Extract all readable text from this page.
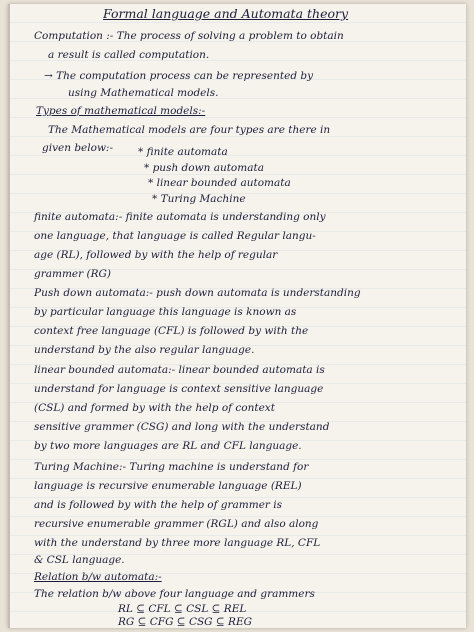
Formal language and Automata theory
Computation :- The process of solving a problem to obtain
a result is called computation.
→ The computation process can be represented by
using Mathematical models.
Types of mathematical models:-
The Mathematical models are four types are there in
given below:- * finite automata
* push down automata
* linear bounded automata
* Turing Machine
finite automata:- finite automata is understanding only
one language, that language is called Regular langu-
age (RL), followed by with the help of regular
grammer (RG)
Push down automata:- push down automata is understanding
by particular language this language is known as
context free language (CFL) is followed by with the
understand by the also regular language.
linear bounded automata:- linear bounded automata is
understand for language is context sensitive language
(CSL) and formed by with the help of context
sensitive grammer (CSG) and long with the understand
by two more languages are RL and CFL language.
Turing Machine:- Turing machine is understand for
language is recursive enumerable language (REL)
and is followed by with the help of grammer is
recursive enumerable grammer (RGL) and also along
with the understand by three more language RL, CFL
& CSL language.
Relation b/w automata:-
The relation b/w above four language and grammers
RL ⊆ CFL ⊆ CSL ⊆ REL
RG ⊆ CFG ⊆ CSG ⊆ REG
